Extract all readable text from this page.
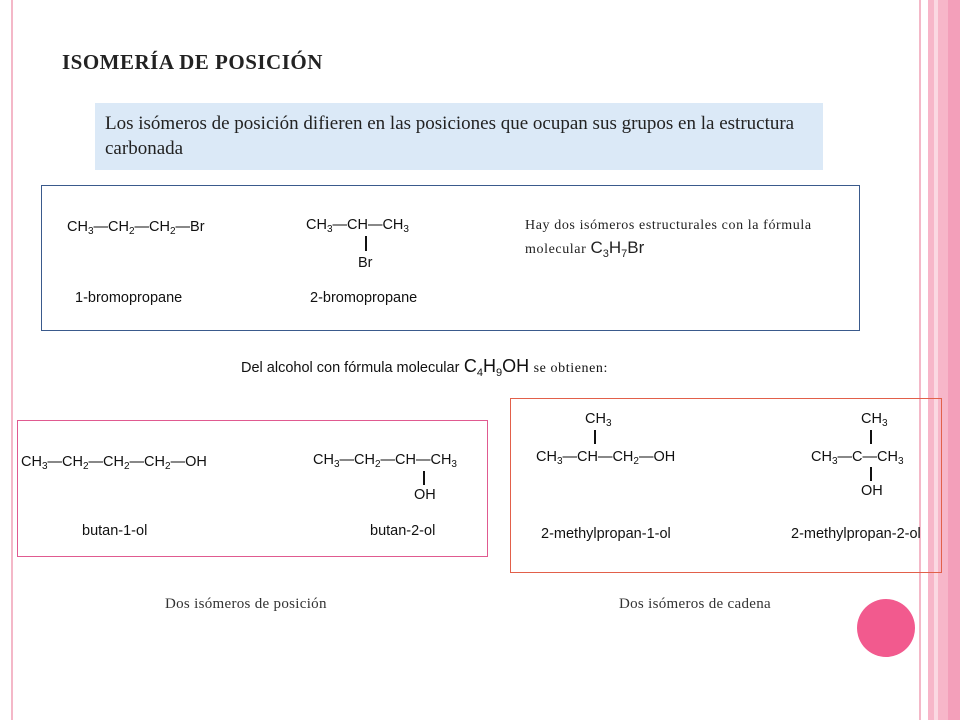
ISOMERÍA DE POSICIÓN
Los isómeros de posición difieren en las posiciones que ocupan sus grupos en la estructura carbonada
$CH_3—CH_2—CH_2—Br$	$CH_3—CH—CH_3$
Br
1-bromopropane	2-bromopropane
Hay dos isómeros estructurales con la fórmula molecular $C_3H_7Br$
Del alcohol con fórmula molecular $C_4H_9OH$ se obtienen:
$CH_3—CH_2—CH_2—CH_2—OH$	$CH_3—CH_2—CH—CH_3$
OH
butan-1-ol	butan-2-ol
$CH_3$
$CH_3—CH—CH_2—OH$
$CH_3$
$CH_3—C—CH_3$
OH
2-methylpropan-1-ol	2-methylpropan-2-ol
Dos isómeros de posición	Dos isómeros de cadena
